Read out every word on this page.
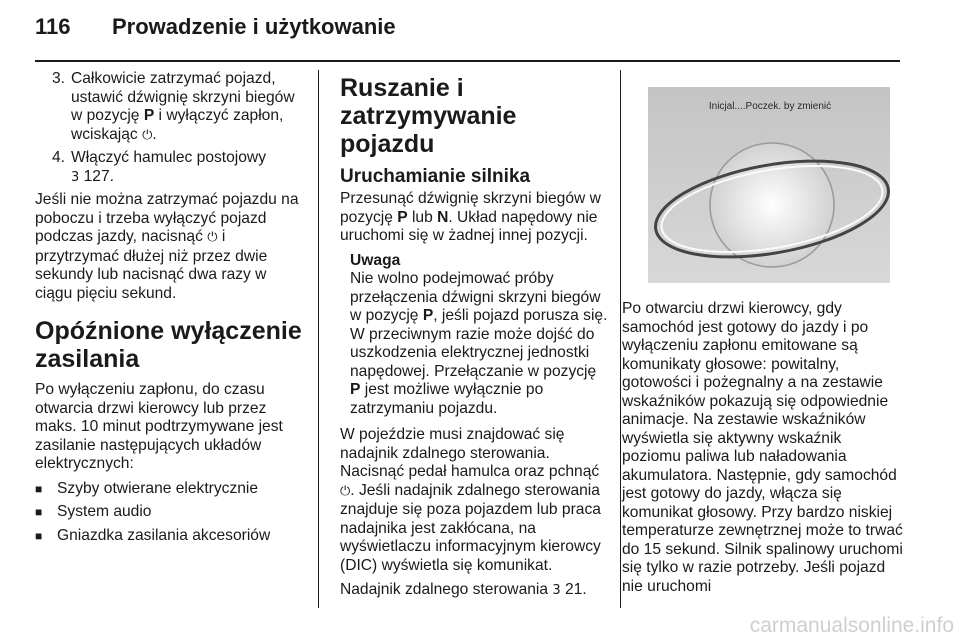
116 Prowadzenie i użytkowanie
3. Całkowicie zatrzymać pojazd, ustawić dźwignię skrzyni biegów w pozycję P i wyłączyć zapłon, wciskając ⏻.
4. Włączyć hamulec postojowy
3 127.

Jeśli nie można zatrzymać pojazdu na poboczu i trzeba wyłączyć pojazd podczas jazdy, nacisnąć ⏻ i przytrzymać dłużej niż przez dwie sekundy lub nacisnąć dwa razy w ciągu pięciu sekund.

Opóźnione wyłączenie zasilania

Po wyłączeniu zapłonu, do czasu otwarcia drzwi kierowcy lub przez maks. 10 minut podtrzymywane jest zasilanie następujących układów elektrycznych:

■ Szyby otwierane elektrycznie
■ System audio
■ Gniazdka zasilania akcesoriów
Ruszanie i zatrzymywanie pojazdu
Uruchamianie silnika

Przesunąć dźwignię skrzyni biegów w pozycję P lub N. Układ napędowy nie uruchomi się w żadnej innej pozycji.

Uwaga
Nie wolno podejmować próby przełączenia dźwigni skrzyni biegów w pozycję P, jeśli pojazd porusza się. W przeciwnym razie może dojść do uszkodzenia elektrycznej jednostki napędowej. Przełączanie w pozycję P jest możliwe wyłącznie po zatrzymaniu pojazdu.

W pojeździe musi znajdować się nadajnik zdalnego sterowania. Nacisnąć pedał hamulca oraz pchnąć ⏻. Jeśli nadajnik zdalnego sterowania znajduje się poza pojazdem lub praca nadajnika jest zakłócana, na wyświetlaczu informacyjnym kierowcy (DIC) wyświetla się komunikat.

Nadajnik zdalnego sterowania 3 21.

Inicjal....Poczek. by zmienić

Po otwarciu drzwi kierowcy, gdy samochód jest gotowy do jazdy i po wyłączeniu zapłonu emitowane są komunikaty głosowe: powitalny, gotowości i pożegnalny a na zestawie wskaźników pokazują się odpowiednie animacje. Na zestawie wskaźników wyświetla się aktywny wskaźnik poziomu paliwa lub naładowania akumulatora. Następnie, gdy samochód jest gotowy do jazdy, włącza się komunikat głosowy. Przy bardzo niskiej temperaturze zewnętrznej może to trwać do 15 sekund. Silnik spalinowy uruchomi się tylko w razie potrzeby. Jeśli pojazd nie uruchomi

carmanualsonline.info
